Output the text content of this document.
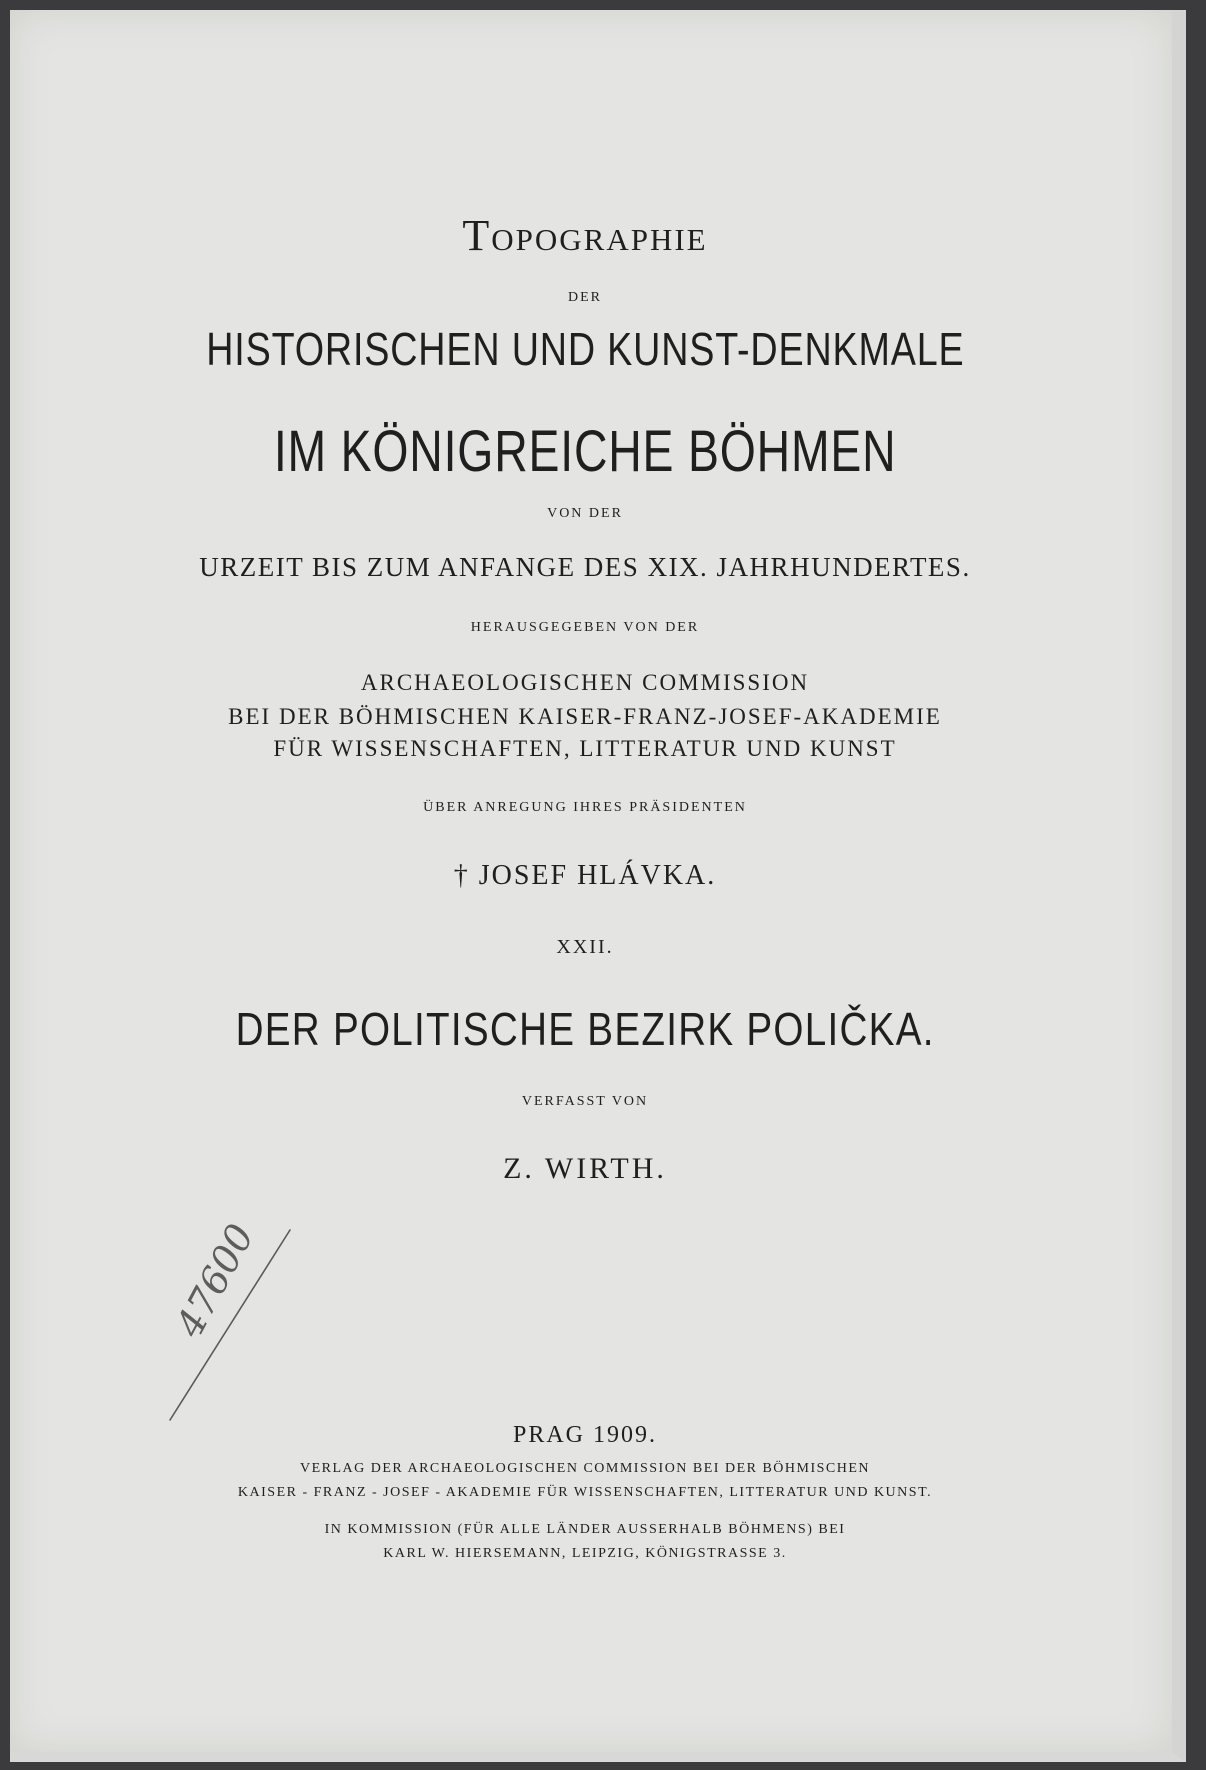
Topographie
DER
HISTORISCHEN UND KUNST-DENKMALE
IM KÖNIGREICHE BÖHMEN
VON DER
URZEIT BIS ZUM ANFANGE DES XIX. JAHRHUNDERTES.
HERAUSGEGEBEN VON DER
ARCHAEOLOGISCHEN COMMISSION
BEI DER BÖHMISCHEN KAISER-FRANZ-JOSEF-AKADEMIE
FÜR WISSENSCHAFTEN, LITTERATUR UND KUNST
ÜBER ANREGUNG IHRES PRÄSIDENTEN
† JOSEF HLÁVKA.
XXII.
DER POLITISCHE BEZIRK POLIČKA.
VERFASST VON
Z. WIRTH.
PRAG 1909.
VERLAG DER ARCHAEOLOGISCHEN COMMISSION BEI DER BÖHMISCHEN
KAISER - FRANZ - JOSEF - AKADEMIE FÜR WISSENSCHAFTEN, LITTERATUR UND KUNST.
IN KOMMISSION (FÜR ALLE LÄNDER AUSSERHALB BÖHMENS) BEI
KARL W. HIERSEMANN, LEIPZIG, KÖNIGSTRASSE 3.
47600
